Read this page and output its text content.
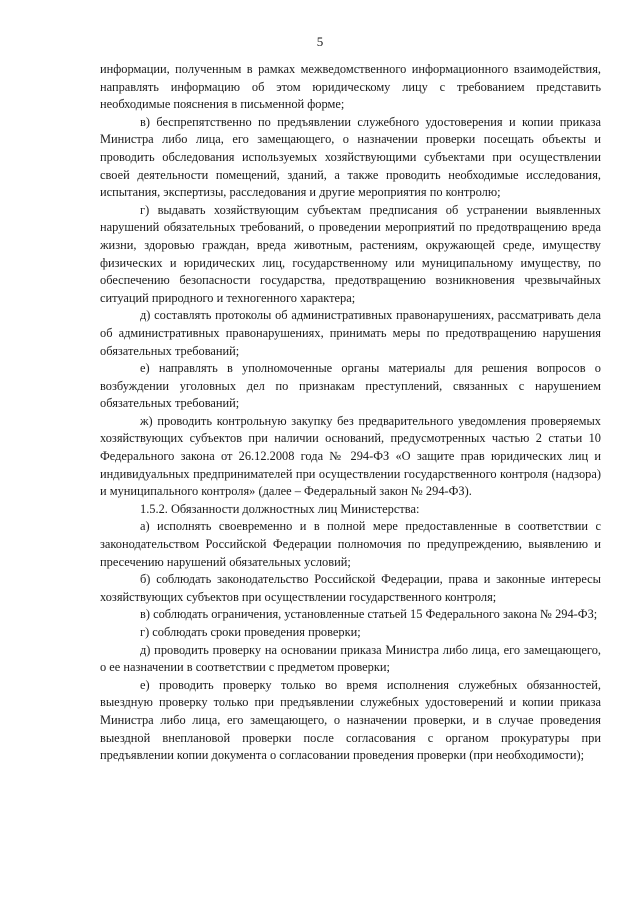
5

информации, полученным в рамках межведомственного информационного взаимодействия, направлять информацию об этом юридическому лицу с требованием представить необходимые пояснения в письменной форме;

в) беспрепятственно по предъявлении служебного удостоверения и копии приказа Министра либо лица, его замещающего, о назначении проверки посещать объекты и проводить обследования используемых хозяйствующими субъектами при осуществлении своей деятельности помещений, зданий, а также проводить необходимые исследования, испытания, экспертизы, расследования и другие мероприятия по контролю;

г) выдавать хозяйствующим субъектам предписания об устранении выявленных нарушений обязательных требований, о проведении мероприятий по предотвращению вреда жизни, здоровью граждан, вреда животным, растениям, окружающей среде, имуществу физических и юридических лиц, государственному или муниципальному имуществу, по обеспечению безопасности государства, предотвращению возникновения чрезвычайных ситуаций природного и техногенного характера;

д) составлять протоколы об административных правонарушениях, рассматривать дела об административных правонарушениях, принимать меры по предотвращению нарушения обязательных требований;

е) направлять в уполномоченные органы материалы для решения вопросов о возбуждении уголовных дел по признакам преступлений, связанных с нарушением обязательных требований;

ж) проводить контрольную закупку без предварительного уведомления проверяемых хозяйствующих субъектов при наличии оснований, предусмотренных частью 2 статьи 10 Федерального закона от 26.12.2008 года № 294-ФЗ «О защите прав юридических лиц и индивидуальных предпринимателей при осуществлении государственного контроля (надзора) и муниципального контроля» (далее – Федеральный закон № 294-ФЗ).

1.5.2. Обязанности должностных лиц Министерства:

а) исполнять своевременно и в полной мере предоставленные в соответствии с законодательством Российской Федерации полномочия по предупреждению, выявлению и пресечению нарушений обязательных условий;

б) соблюдать законодательство Российской Федерации, права и законные интересы хозяйствующих субъектов при осуществлении государственного контроля;

в) соблюдать ограничения, установленные статьей 15 Федерального закона № 294-ФЗ;

г) соблюдать сроки проведения проверки;

д) проводить проверку на основании приказа Министра либо лица, его замещающего, о ее назначении в соответствии с предметом проверки;

е) проводить проверку только во время исполнения служебных обязанностей, выездную проверку только при предъявлении служебных удостоверений и копии приказа Министра либо лица, его замещающего, о назначении проверки, и в случае проведения выездной внеплановой проверки после согласования с органом прокуратуры при предъявлении копии документа о согласовании проведения проверки (при необходимости);
